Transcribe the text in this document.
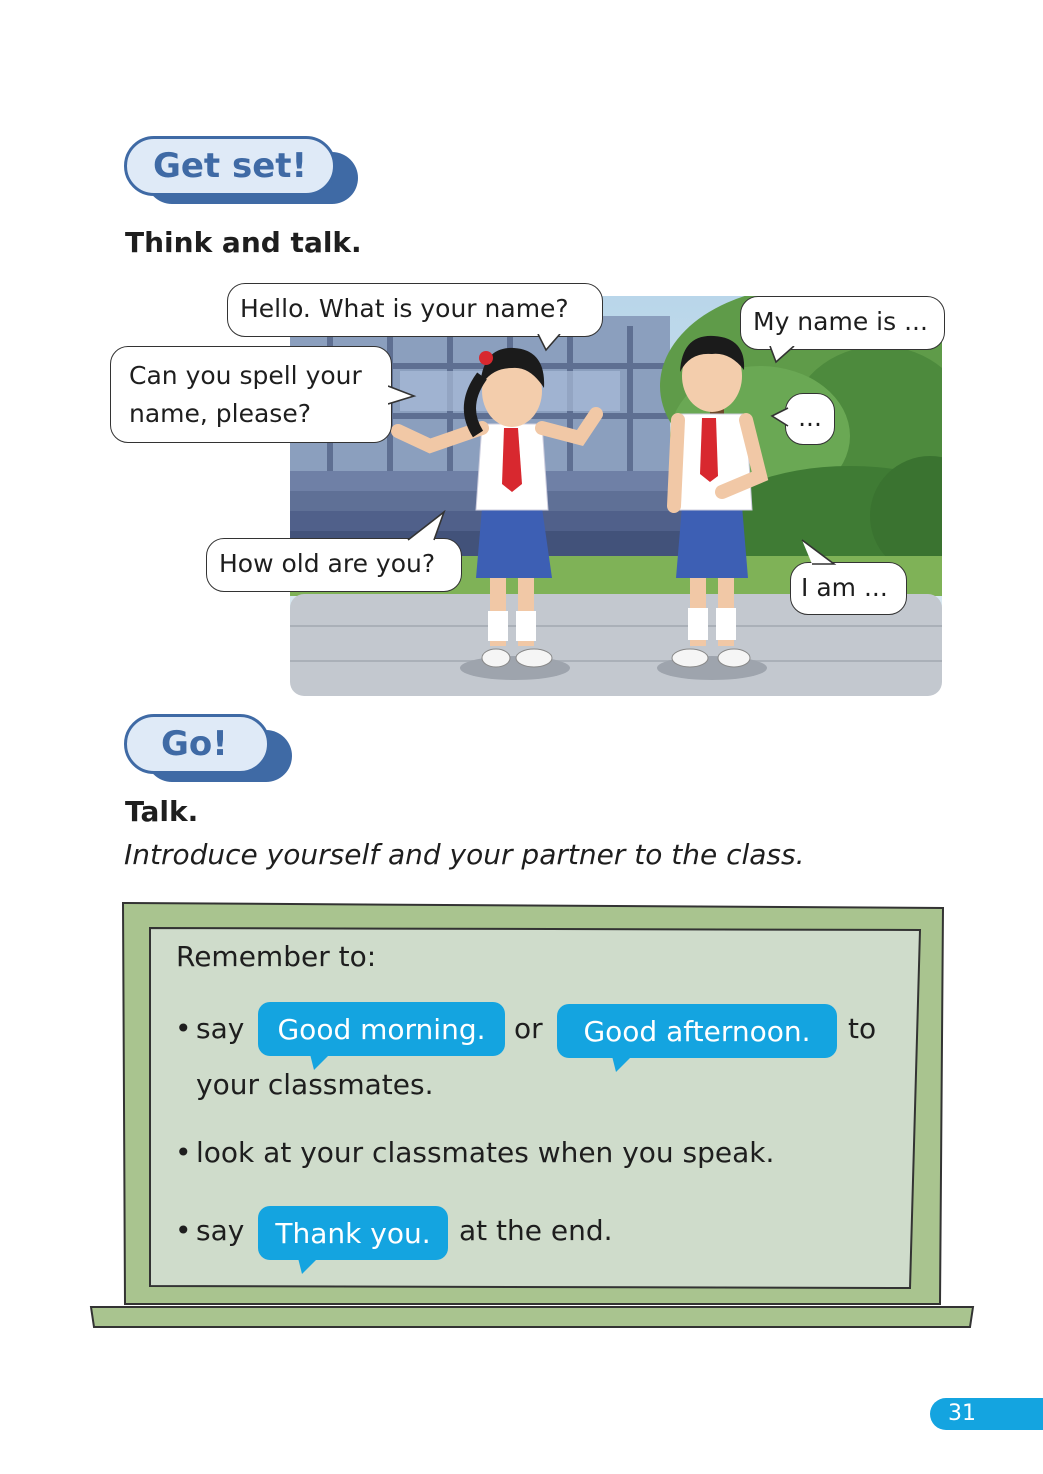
Get set!
Think and talk.
Hello. What is your name?
Can you spell your
name, please?
How old are you?
My name is ...
...
I am ...
Go!
Talk.
Introduce yourself and your partner to the class.
Remember to:
• say	Good morning.	or	Good afternoon.	to
your classmates.
• look at your classmates when you speak.
• say	Thank you.	at the end.
31
